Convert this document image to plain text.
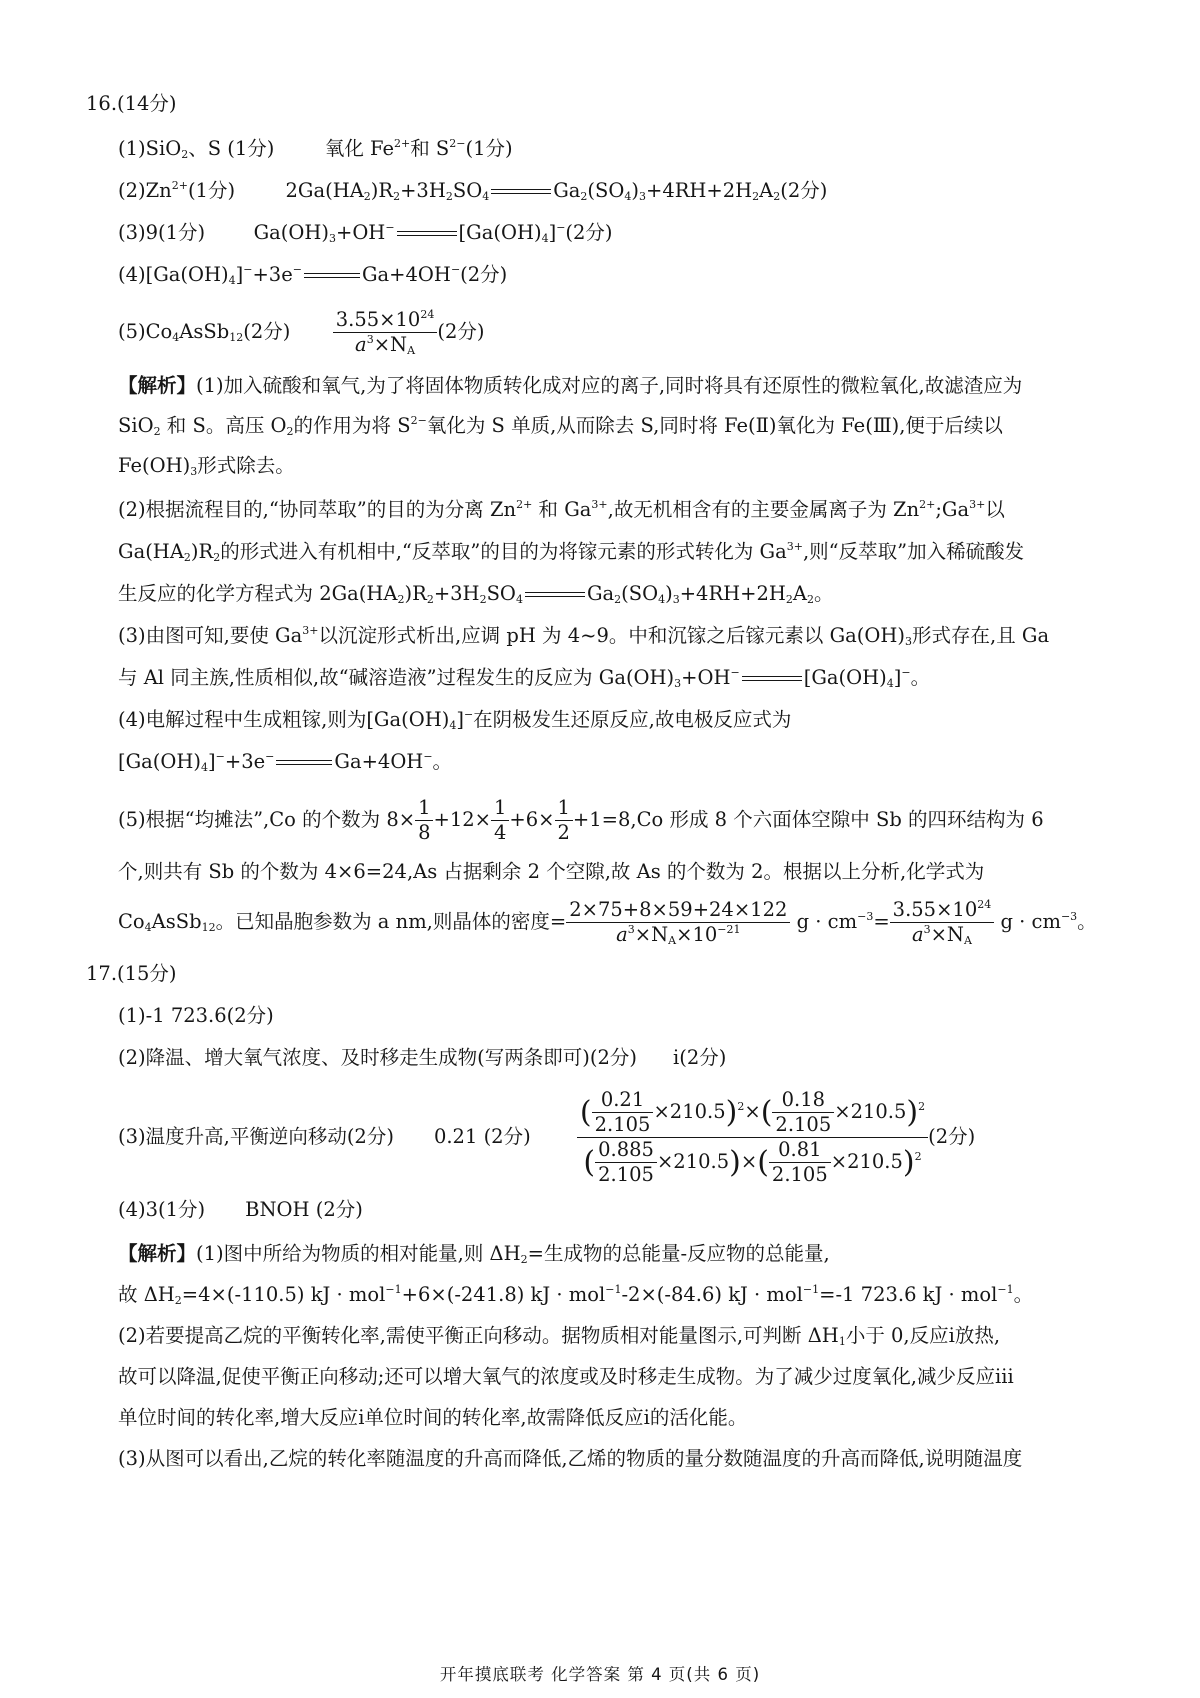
16.(14分)
(1)SiO$_2$、S (1分)	氧化 $Fe^{2+}$和 $S^{2-}(1$分)
$(2)Zn^{2+}(1$分)	$2Ga(HA_2)R_2+3H_2SO_4$	$Ga_2(SO_4)_3+4RH+2H_2A_2(2$分)
(3)9(1分) $Ga(OH)_3+OH^-$	$[Ga(OH)_4]^-(2$分)
$(4)[Ga(OH)_4]^-+3e^-$	Ga+4OH−(2分)
$(5)Co_4AsSb_{12}(2$分) $\frac{3.55\times 10^{24}}{a^3\times N_A} (2$分)
【解析】(1)加入硫酸和氧气,为了将固体物质转化成对应的离子,同时将具有还原性的微粒氧化,故滤渣应为
SiO$_2$ 和 S。高压 $O_2$的作用为将 $S^{2-}$氧化为 S 单质,从而除去 S,同时将 Fe(Ⅱ)氧化为 Fe(Ⅲ),便于后续以
$Fe(OH)_3$形式除去。
(2)根据流程目的,“协同萃取”的目的为分离 $Zn^{2+}$ 和 $Ga^{3+}$,故无机相含有的主要金属离子为 $Zn^{2+};Ga^{3+}$以
$Ga(HA_2)R_2$的形式进入有机相中,“反萃取”的目的为将镓元素的形式转化为 $Ga^{3+}$,则“反萃取”加入稀硫酸发
生反应的化学方程式为 $2Ga(HA_2)R_2+3H_2SO_4$	$Ga_2(SO_4)_3+4RH+2H_2A_2$。
(3)由图可知,要使 $Ga^{3+}$以沉淀形式析出,应调 pH 为 4~9。中和沉镓之后镓元素以 $Ga(OH)_3$形式存在,且 Ga
与 Al 同主族,性质相似,故“碱溶造液”过程发生的反应为 $Ga(OH)_3+OH^-$	$[Ga(OH)_4]^-$。
(4)电解过程中生成粗镓,则为$[Ga(OH)_4]^-$在阴极发生还原反应,故电极反应式为
$[Ga(OH)_4]^-+3e^-$	Ga+4OH−。
(5)根据“均摊法”,Co 的个数为 $8\times \frac{1}{8} +12\times \frac{1}{4} +6\times \frac{1}{2} +1=8,Co$ 形成 8 个六面体空隙中 Sb 的四环结构为 6
个,则共有 Sb 的个数为 4×6=24,As 占据剩余 2 个空隙,故 As 的个数为 2。根据以上分析,化学式为
$Co_4AsSb_{12}$。已知晶胞参数为 a nm,则晶体的密度= $\frac{2\times 75+8\times 59+24\times 122}{a^3\times N_A\times 10^{-21}}$ $g \cdot cm^{-3}= \frac{3.55\times 10^{24}}{a^3\times N_A}$ $g \cdot cm^{-3}$。
17.(15分)
(1)-1 723.6(2分)
(2)降温、增大氧气浓度、及时移走生成物(写两条即可)(2分) ⅰ(2分)
(3)温度升高,平衡逆向移动(2分) 0.21 (2分) $\frac{( \frac{0.21}{2.105} \times 210.5)^2\times( \frac{0.18}{2.105} \times 210.5)^2}{( \frac{0.885}{2.105} \times 210.5)\times( \frac{0.81}{2.105} \times 210.5)^2} (2$分)
(4)3(1分) BNOH (2分)
【解析】(1)图中所给为物质的相对能量,则 $\Delta H_2=$生成物的总能量-反应物的总能量,
故 $\Delta H_2=4\times(-110.5)$ kJ · mol$^{-1}$+6×(-241.8) kJ · mol$^{-1}$-2×(-84.6) kJ · mol$^{-1}$=-1 723.6 kJ · mol$^{-1}$。
(2)若要提高乙烷的平衡转化率,需使平衡正向移动。据物质相对能量图示,可判断 $\Delta H_1$小于 0,反应ⅰ放热,
故可以降温,促使平衡正向移动;还可以增大氧气的浓度或及时移走生成物。为了减少过度氧化,减少反应ⅲ
单位时间的转化率,增大反应ⅰ单位时间的转化率,故需降低反应ⅰ的活化能。
(3)从图可以看出,乙烷的转化率随温度的升高而降低,乙烯的物质的量分数随温度的升高而降低,说明随温度
开年摸底联考 化学答案 第 4 页(共 6 页)
